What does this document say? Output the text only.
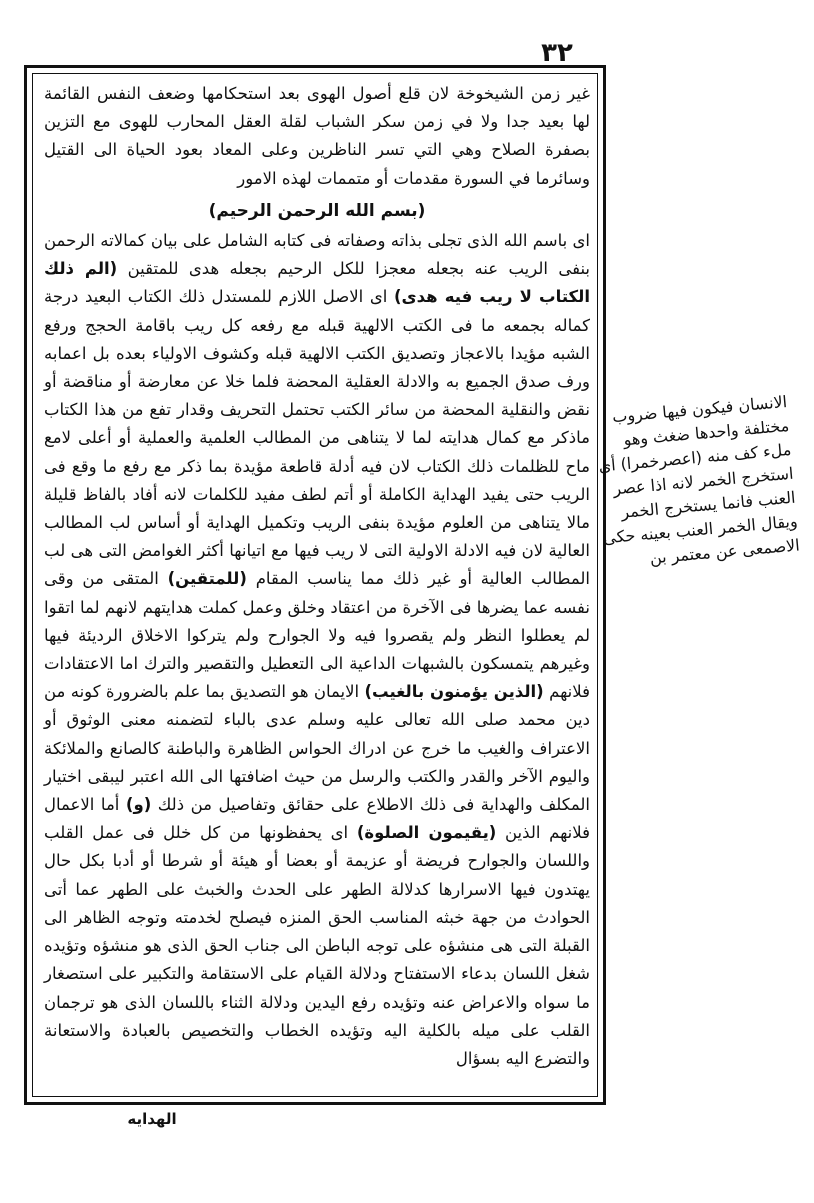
٣٢

غير زمن الشيخوخة لان قلع أصول الهوى بعد استحكامها وضعف النفس القائمة لها بعيد جدا ولا في زمن سكر الشباب لقلة العقل المحارب للهوى مع التزين بصفرة الصلاح وهي التي تسر الناظرين وعلى المعاد بعود الحياة الى القتيل وسائرما في السورة مقدمات أو متممات لهذه الامور

(بسم الله الرحمن الرحيم)

اى باسم الله الذى تجلى بذاته وصفاته فى كتابه الشامل على بيان كمالاته الرحمن بنفى الريب عنه بجعله معجزا للكل الرحيم بجعله هدى للمتقين (الم ذلك الكتاب لا ريب فيه هدى) اى الاصل اللازم للمستدل ذلك الكتاب البعيد درجة كماله بجمعه ما فى الكتب الالهية قبله مع رفعه كل ريب باقامة الحجج ورفع الشبه مؤيدا بالاعجاز وتصديق الكتب الالهية قبله وكشوف الاولياء بعده بل اعمابه ورف صدق الجميع به والادلة العقلية المحضة فلما خلا عن معارضة أو مناقضة أو نقض والنقلية المحضة من سائر الكتب تحتمل التحريف وقدار تفع من هذا الكتاب ماذكر مع كمال هدايته لما لا يتناهى من المطالب العلمية والعملية أو أعلى لامع ماح للظلمات ذلك الكتاب لان فيه أدلة قاطعة مؤيدة بما ذكر مع رفع ما وقع فى الريب حتى يفيد الهداية الكاملة أو أتم لطف مفيد للكلمات لانه أفاد بالفاظ قليلة مالا يتناهى من العلوم مؤيدة بنفى الريب وتكميل الهداية أو أساس لب المطالب العالية لان فيه الادلة الاولية التى لا ريب فيها مع اتيانها أكثر الغوامض التى هى لب المطالب العالية أو غير ذلك مما يناسب المقام (للمتقين) المتقى من وقى نفسه عما يضرها فى الآخرة من اعتقاد وخلق وعمل كملت هدايتهم لانهم لما اتقوا لم يعطلوا النظر ولم يقصروا فيه ولا الجوارح ولم يتركوا الاخلاق الرديئة فيها وغيرهم يتمسكون بالشبهات الداعية الى التعطيل والتقصير والترك اما الاعتقادات فلانهم (الذين يؤمنون بالغيب) الايمان هو التصديق بما علم بالضرورة كونه من دين محمد صلى الله تعالى عليه وسلم عدى بالباء لتضمنه معنى الوثوق أو الاعتراف والغيب ما خرج عن ادراك الحواس الظاهرة والباطنة كالصانع والملائكة واليوم الآخر والقدر والكتب والرسل من حيث اضافتها الى الله اعتبر ليبقى اختيار المكلف والهداية فى ذلك الاطلاع على حقائق وتفاصيل من ذلك (و) أما الاعمال فلانهم الذين (يقيمون الصلوة) اى يحفظونها من كل خلل فى عمل القلب واللسان والجوارح فريضة أو عزيمة أو بعضا أو هيئة أو شرطا أو أدبا بكل حال يهتدون فيها الاسرارها كدلالة الطهر على الحدث والخبث على الطهر عما أتى الحوادث من جهة خبثه المناسب الحق المنزه فيصلح لخدمته وتوجه الظاهر الى القبلة التى هى منشؤه على توجه الباطن الى جناب الحق الذى هو منشؤه وتؤيده شغل اللسان بدعاء الاستفتاح ودلالة القيام على الاستقامة والتكبير على استصغار ما سواه والاعراض عنه وتؤيده رفع اليدين ودلالة الثناء باللسان الذى هو ترجمان القلب على ميله بالكلية اليه وتؤيده الخطاب والتخصيص بالعبادة والاستعانة والتضرع اليه بسؤال

الهدايه
الانسان فيكون فيها ضروب مختلفة واحدها ضغث وهو ملء كف منه (اعصرخمرا) أى استخرج الخمر لانه اذا عصر العنب فانما يستخرج الخمر ويقال الخمر العنب بعينه حكى الاصمعى عن معتمر بن
